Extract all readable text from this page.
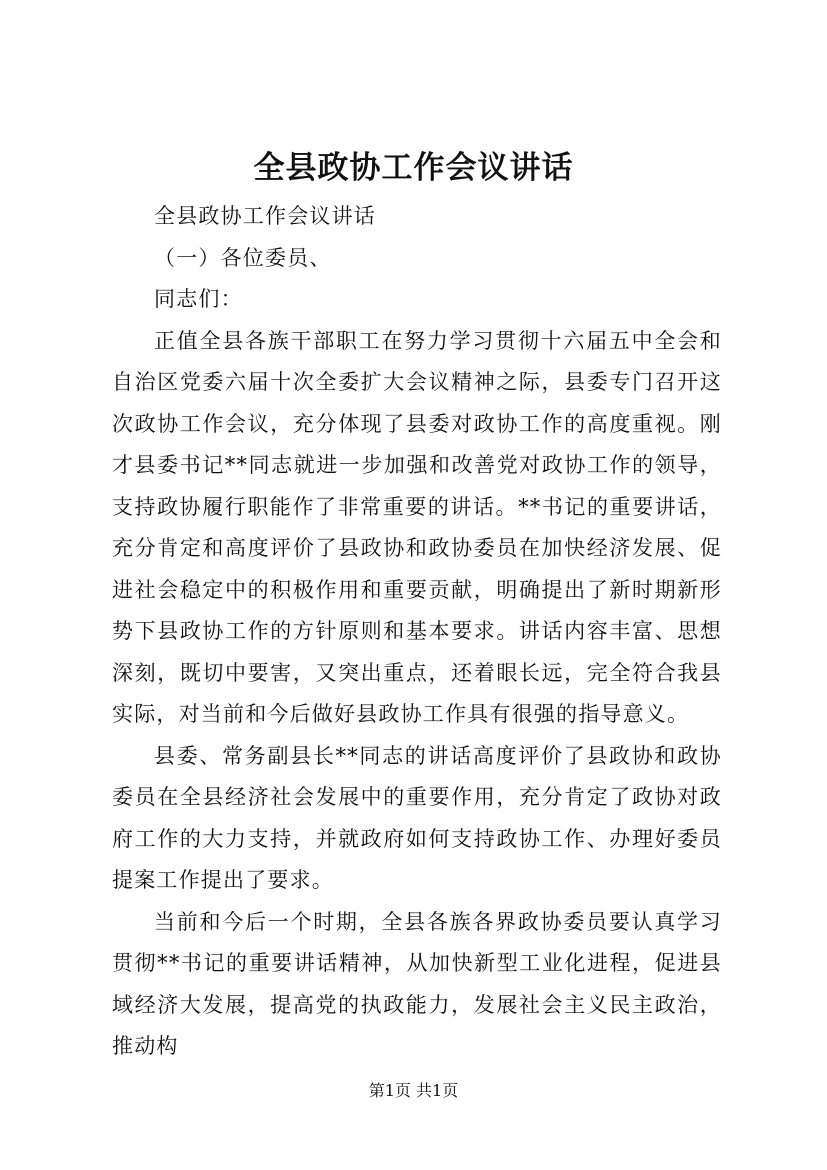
全县政协工作会议讲话

全县政协工作会议讲话

（一）各位委员、

同志们：

正值全县各族干部职工在努力学习贯彻十六届五中全会和自治区党委六届十次全委扩大会议精神之际，县委专门召开这次政协工作会议，充分体现了县委对政协工作的高度重视。刚才县委书记**同志就进一步加强和改善党对政协工作的领导，支持政协履行职能作了非常重要的讲话。**书记的重要讲话，充分肯定和高度评价了县政协和政协委员在加快经济发展、促进社会稳定中的积极作用和重要贡献，明确提出了新时期新形势下县政协工作的方针原则和基本要求。讲话内容丰富、思想深刻，既切中要害，又突出重点，还着眼长远，完全符合我县实际，对当前和今后做好县政协工作具有很强的指导意义。

县委、常务副县长**同志的讲话高度评价了县政协和政协委员在全县经济社会发展中的重要作用，充分肯定了政协对政府工作的大力支持，并就政府如何支持政协工作、办理好委员提案工作提出了要求。

当前和今后一个时期，全县各族各界政协委员要认真学习贯彻**书记的重要讲话精神，从加快新型工业化进程，促进县域经济大发展，提高党的执政能力，发展社会主义民主政治，推动构

第1页 共1页
